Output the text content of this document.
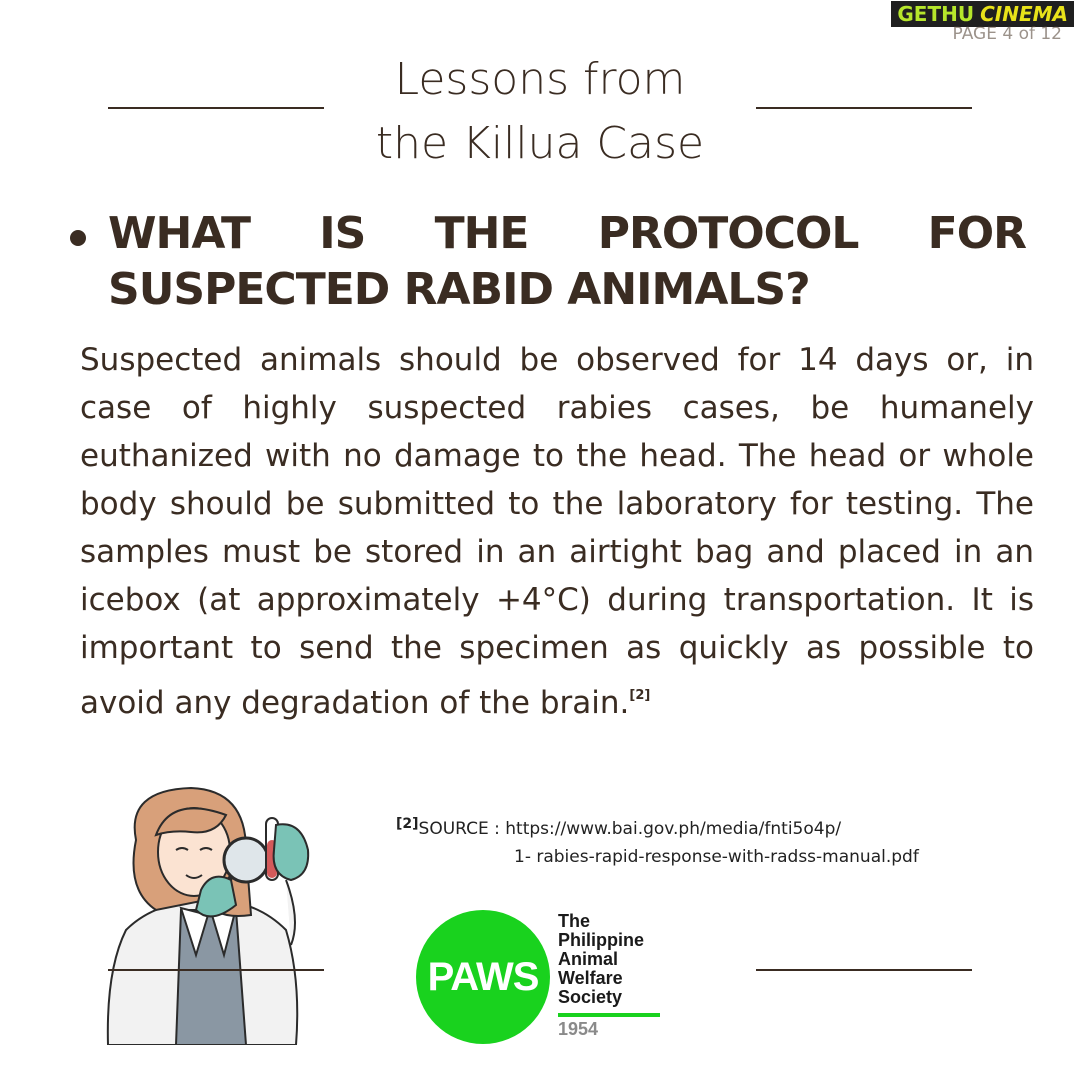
GETHU CINEMA
PAGE 4 of 12
Lessons from
the Killua Case
WHAT IS THE PROTOCOL FOR SUSPECTED RABID ANIMALS?
Suspected animals should be observed for 14 days or, in case of highly suspected rabies cases, be humanely euthanized with no damage to the head. The head or whole body should be submitted to the laboratory for testing. The samples must be stored in an airtight bag and placed in an icebox (at approximately +4°C) during transportation. It is important to send the specimen as quickly as possible to avoid any degradation of the brain.[2]
[2]SOURCE : https://www.bai.gov.ph/media/fnti5o4p/
1- rabies-rapid-response-with-radss-manual.pdf
PAWS
The
Philippine
Animal
Welfare
Society
1954
